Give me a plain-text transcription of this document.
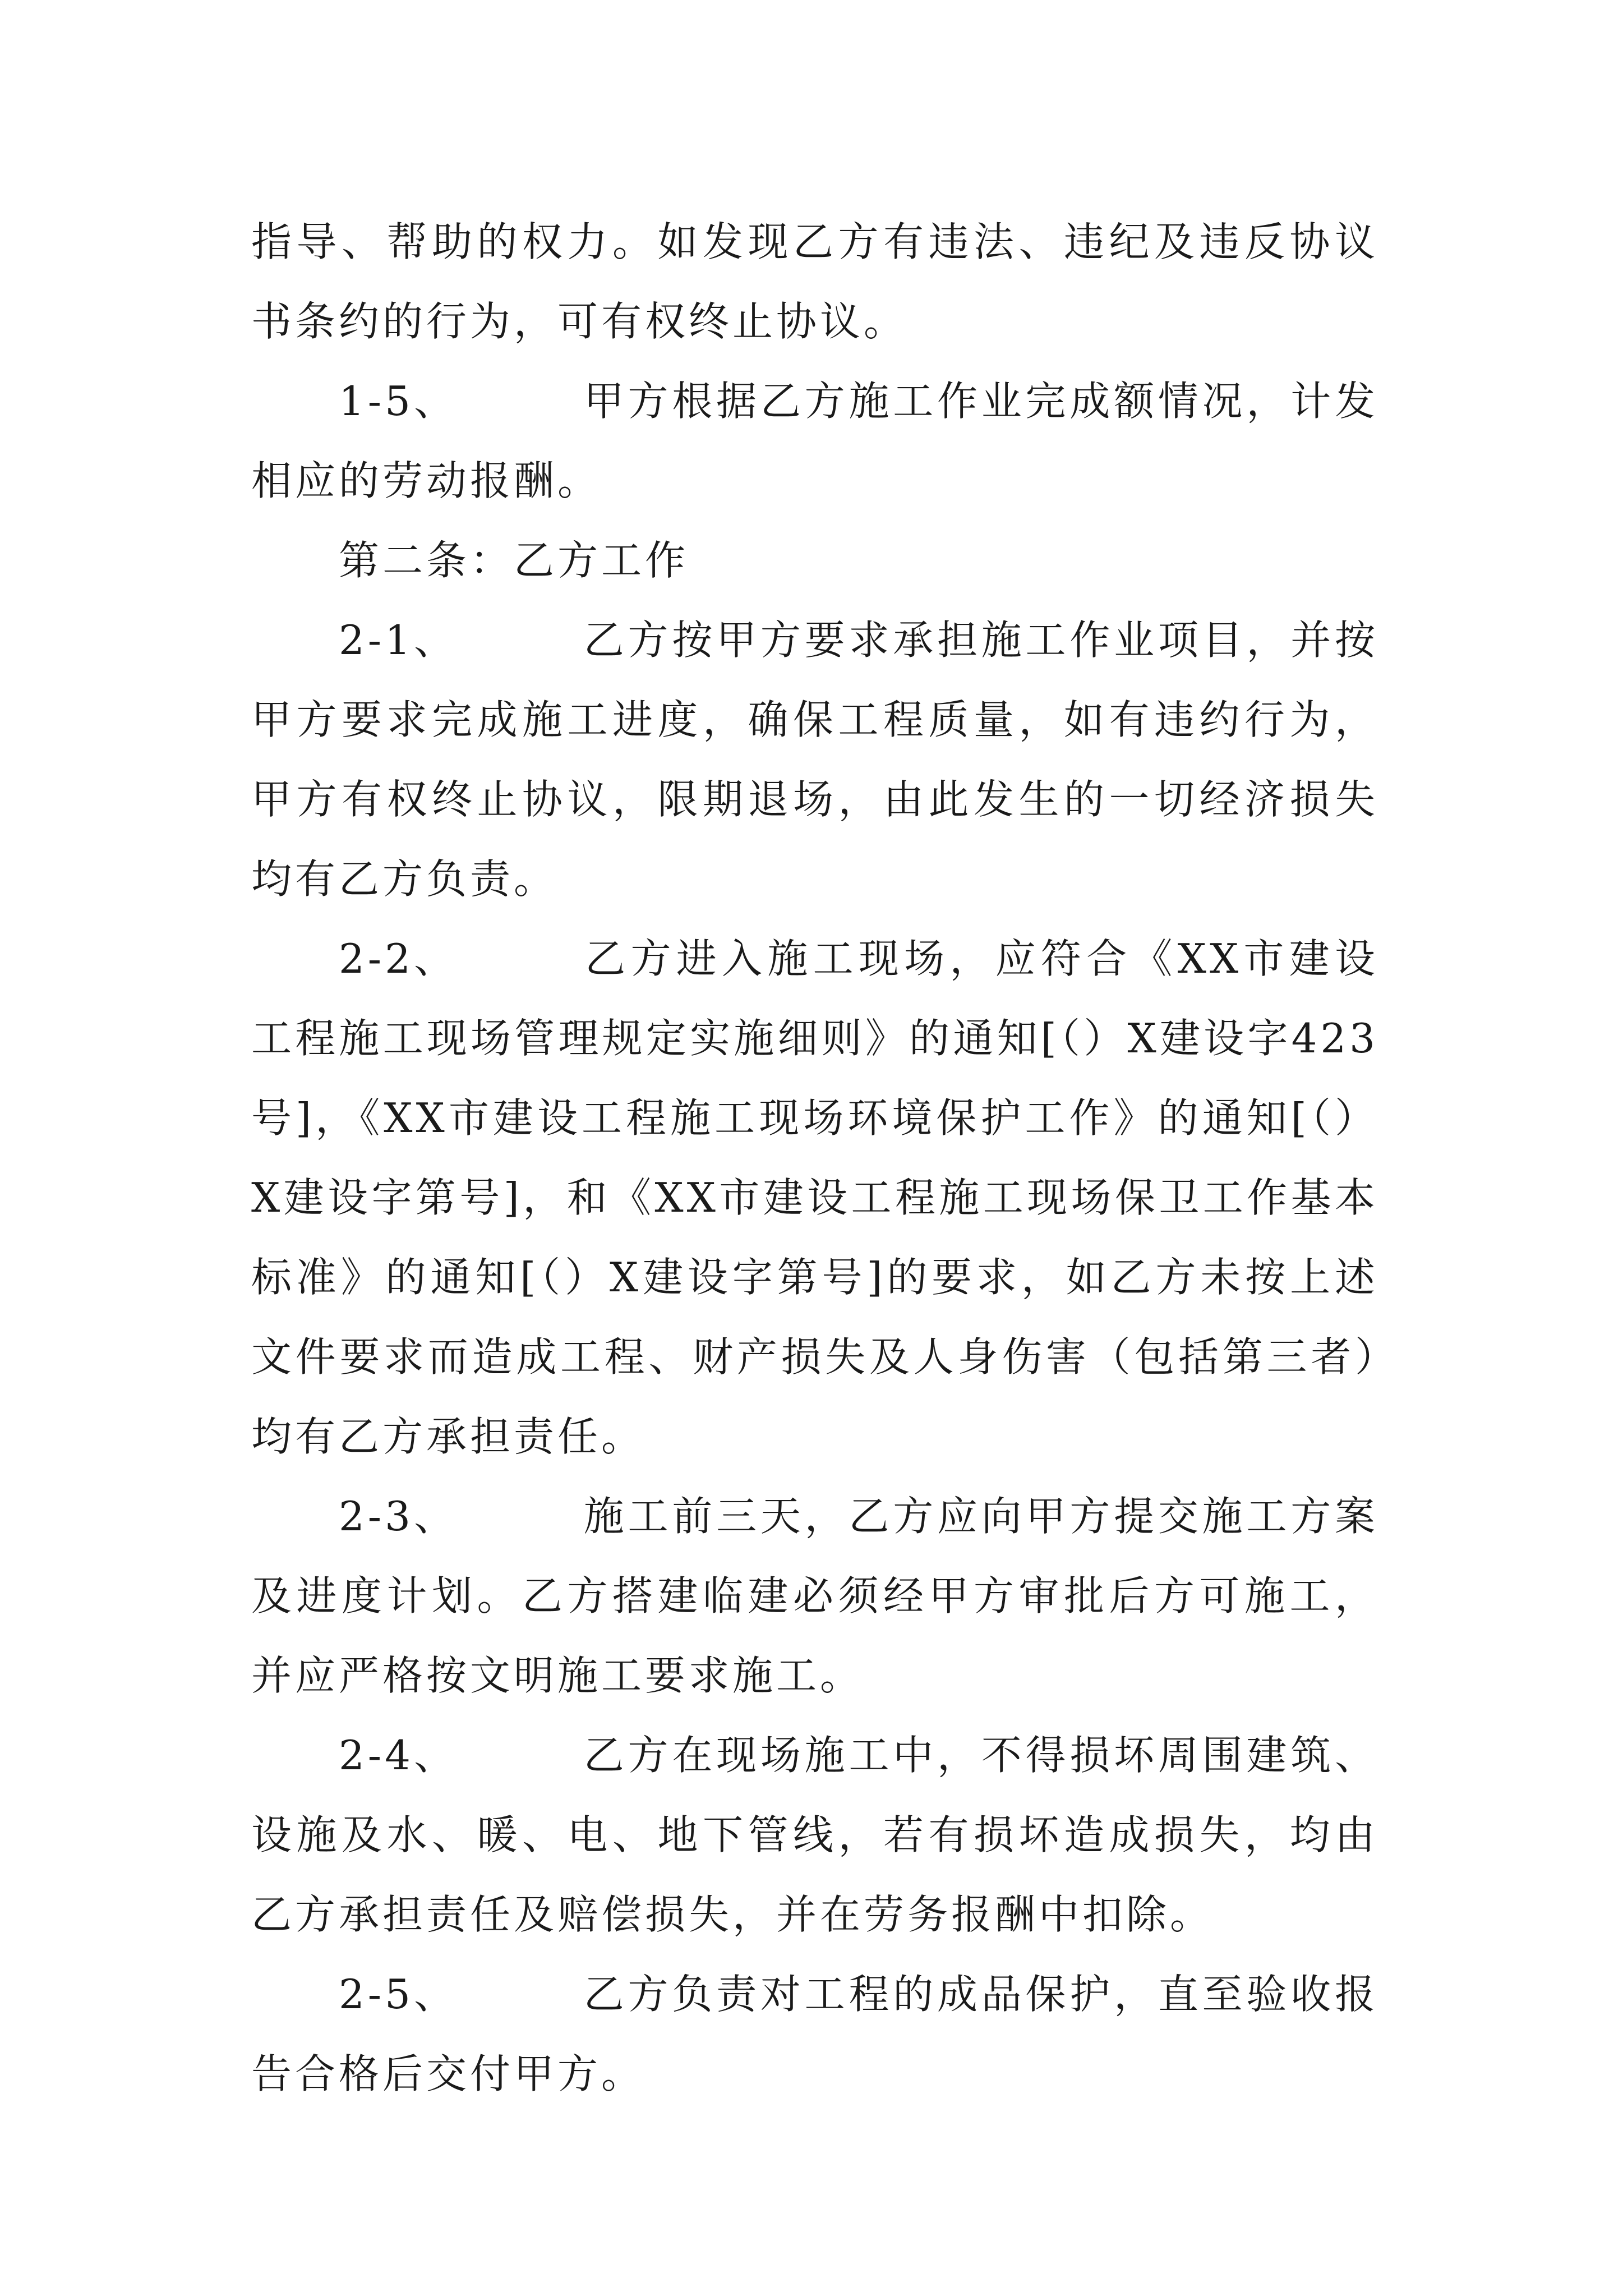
指导、帮助的权力。如发现乙方有违法、违纪及违反协议书条约的行为，可有权终止协议。

1-5、	甲方根据乙方施工作业完成额情况，计发相应的劳动报酬。

第二条：乙方工作

2-1、	乙方按甲方要求承担施工作业项目，并按甲方要求完成施工进度，确保工程质量，如有违约行为，甲方有权终止协议，限期退场，由此发生的一切经济损失均有乙方负责。

2-2、	乙方进入施工现场，应符合《XX市建设工程施工现场管理规定实施细则》的通知[（）X建设字423号]，《XX市建设工程施工现场环境保护工作》的通知[（）X建设字第号]，和《XX市建设工程施工现场保卫工作基本标准》的通知[（）X建设字第号]的要求，如乙方未按上述文件要求而造成工程、财产损失及人身伤害（包括第三者）均有乙方承担责任。

2-3、	施工前三天，乙方应向甲方提交施工方案及进度计划。乙方搭建临建必须经甲方审批后方可施工，并应严格按文明施工要求施工。

2-4、	乙方在现场施工中，不得损坏周围建筑、设施及水、暖、电、地下管线，若有损坏造成损失，均由乙方承担责任及赔偿损失，并在劳务报酬中扣除。

2-5、	乙方负责对工程的成品保护，直至验收报告合格后交付甲方。
